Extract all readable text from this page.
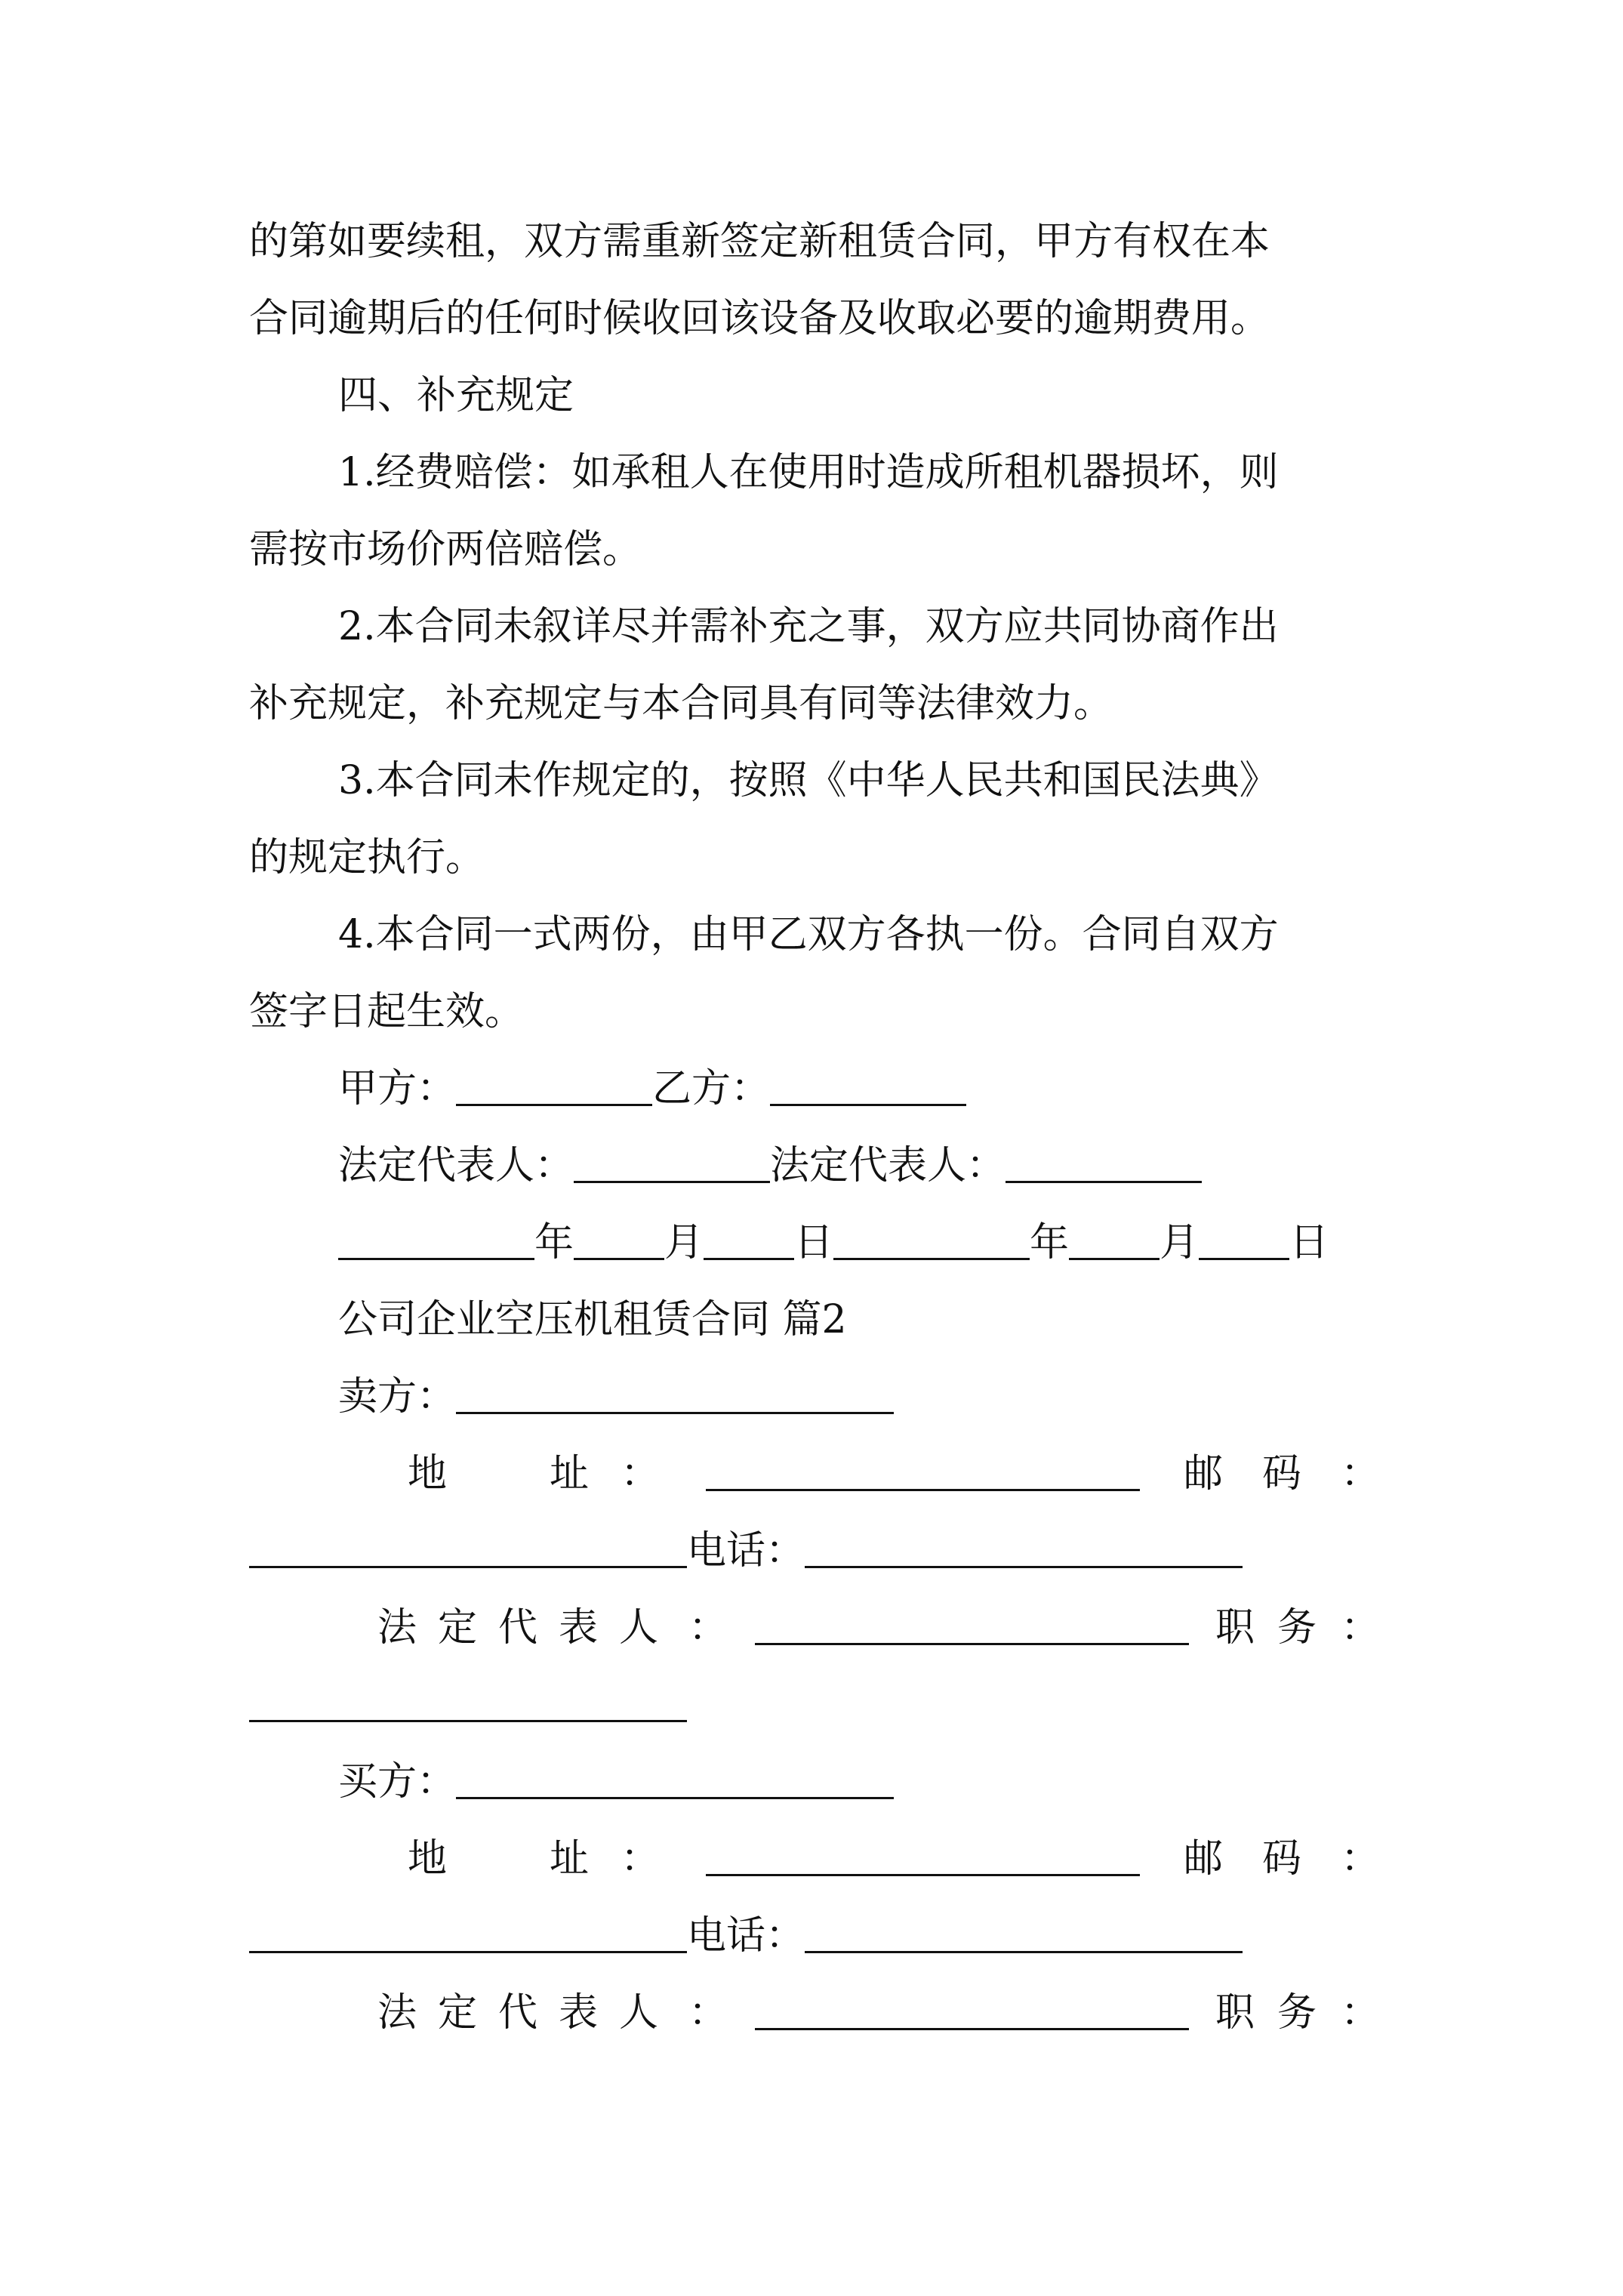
的第如要续租，双方需重新签定新租赁合同，甲方有权在本
合同逾期后的任何时候收回该设备及收取必要的逾期费用。
四、补充规定
1.经费赔偿：如承租人在使用时造成所租机器损坏，则
需按市场价两倍赔偿。
2.本合同未叙详尽并需补充之事，双方应共同协商作出
补充规定，补充规定与本合同具有同等法律效力。
3.本合同未作规定的，按照《中华人民共和国民法典》
的规定执行。
4.本合同一式两份，由甲乙双方各执一份。合同自双方
签字日起生效。
甲方：	乙方：
法定代表人：	法定代表人：
年 月 日	年 月 日
公司企业空压机租赁合同 篇2
卖方：
地	址 ：	邮 码 ：
电话：
法 定 代 表 人 ：	职 务 ：
买方：
地	址 ：	邮 码 ：
电话：
法 定 代 表 人 ：	职 务 ：
